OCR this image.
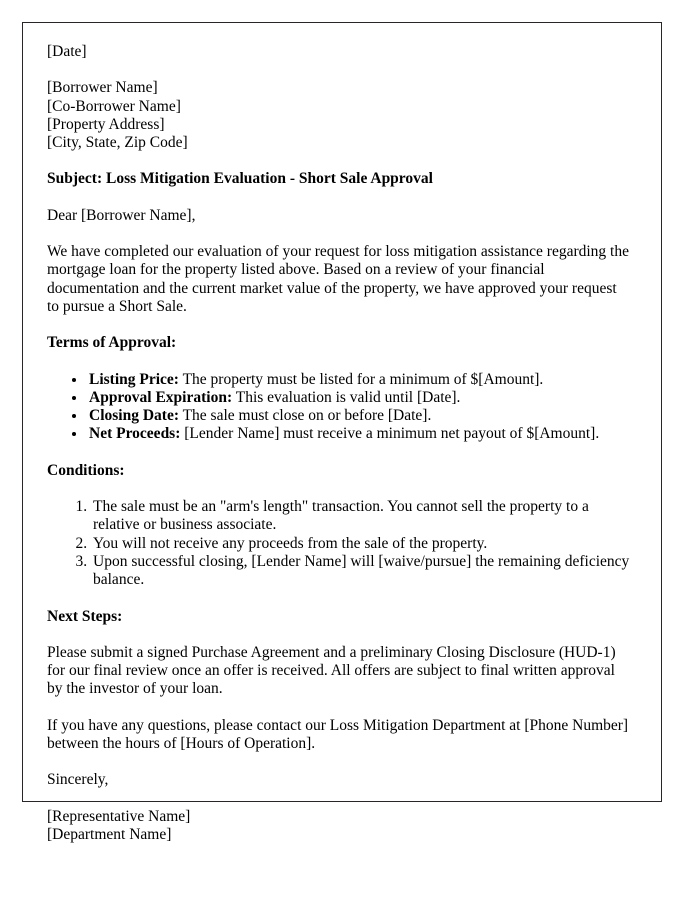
[Date]

[Borrower Name]
[Co-Borrower Name]
[Property Address]
[City, State, Zip Code]

Subject: Loss Mitigation Evaluation - Short Sale Approval

Dear [Borrower Name],

We have completed our evaluation of your request for loss mitigation assistance regarding the mortgage loan for the property listed above. Based on a review of your financial documentation and the current market value of the property, we have approved your request to pursue a Short Sale.

Terms of Approval:

• Listing Price: The property must be listed for a minimum of $[Amount].
• Approval Expiration: This evaluation is valid until [Date].
• Closing Date: The sale must close on or before [Date].
• Net Proceeds: [Lender Name] must receive a minimum net payout of $[Amount].

Conditions:

1. The sale must be an "arm's length" transaction. You cannot sell the property to a relative or business associate.
2. You will not receive any proceeds from the sale of the property.
3. Upon successful closing, [Lender Name] will [waive/pursue] the remaining deficiency balance.

Next Steps:

Please submit a signed Purchase Agreement and a preliminary Closing Disclosure (HUD-1) for our final review once an offer is received. All offers are subject to final written approval by the investor of your loan.

If you have any questions, please contact our Loss Mitigation Department at [Phone Number] between the hours of [Hours of Operation].

Sincerely,

[Representative Name]
[Department Name]
